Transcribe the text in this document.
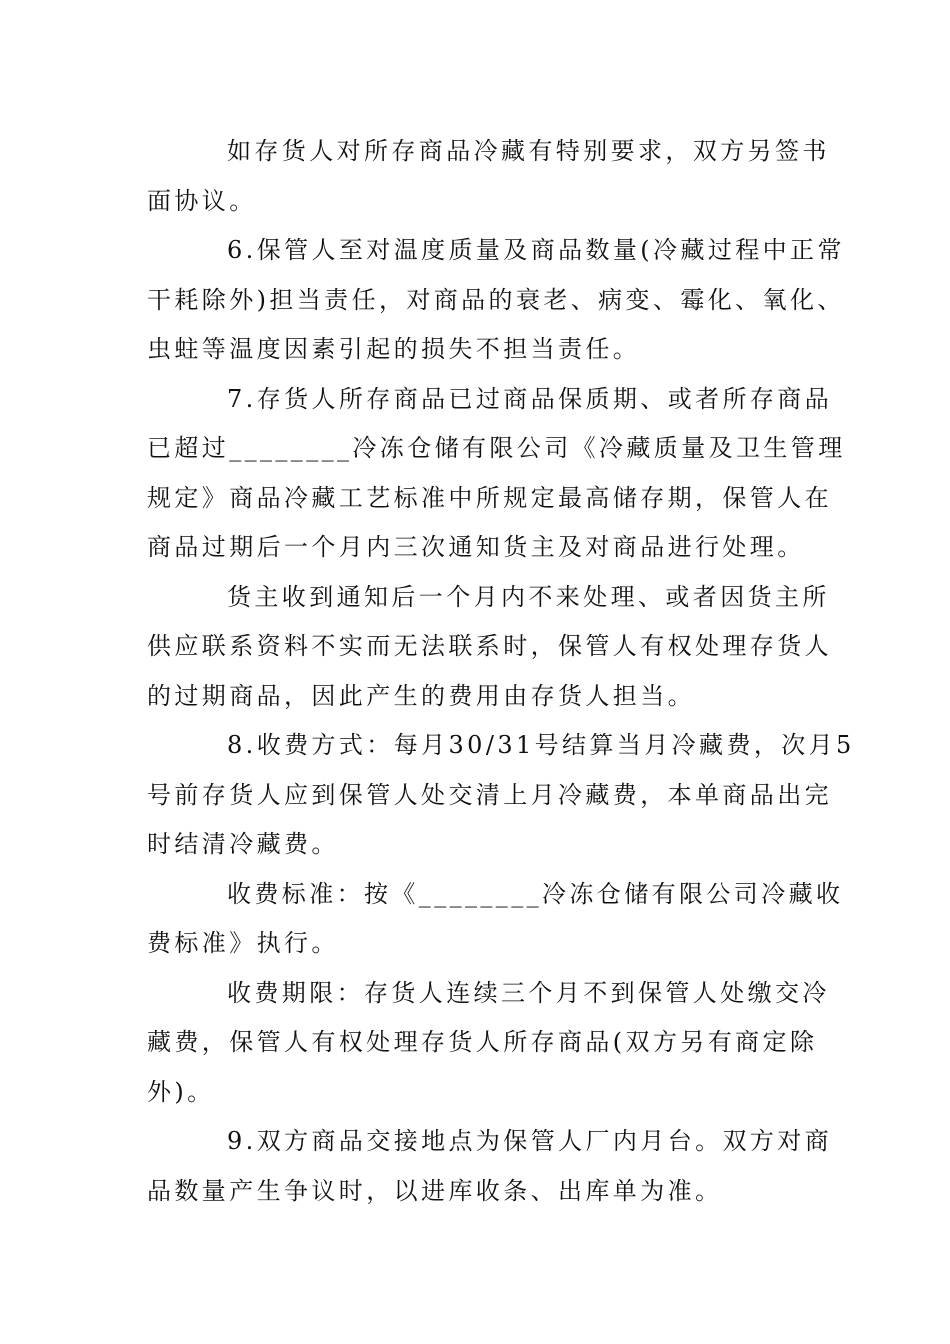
如存货人对所存商品冷藏有特别要求，双方另签书
面协议。
6.保管人至对温度质量及商品数量(冷藏过程中正常
干耗除外)担当责任，对商品的衰老、病变、霉化、氧化、
虫蛀等温度因素引起的损失不担当责任。
7.存货人所存商品已过商品保质期、或者所存商品
已超过________冷冻仓储有限公司《冷藏质量及卫生管理
规定》商品冷藏工艺标准中所规定最高储存期，保管人在
商品过期后一个月内三次通知货主及对商品进行处理。
货主收到通知后一个月内不来处理、或者因货主所
供应联系资料不实而无法联系时，保管人有权处理存货人
的过期商品，因此产生的费用由存货人担当。
8.收费方式：每月30/31号结算当月冷藏费，次月5
号前存货人应到保管人处交清上月冷藏费，本单商品出完
时结清冷藏费。
收费标准：按《________冷冻仓储有限公司冷藏收
费标准》执行。
收费期限：存货人连续三个月不到保管人处缴交冷
藏费，保管人有权处理存货人所存商品(双方另有商定除
外)。
9.双方商品交接地点为保管人厂内月台。双方对商
品数量产生争议时，以进库收条、出库单为准。
